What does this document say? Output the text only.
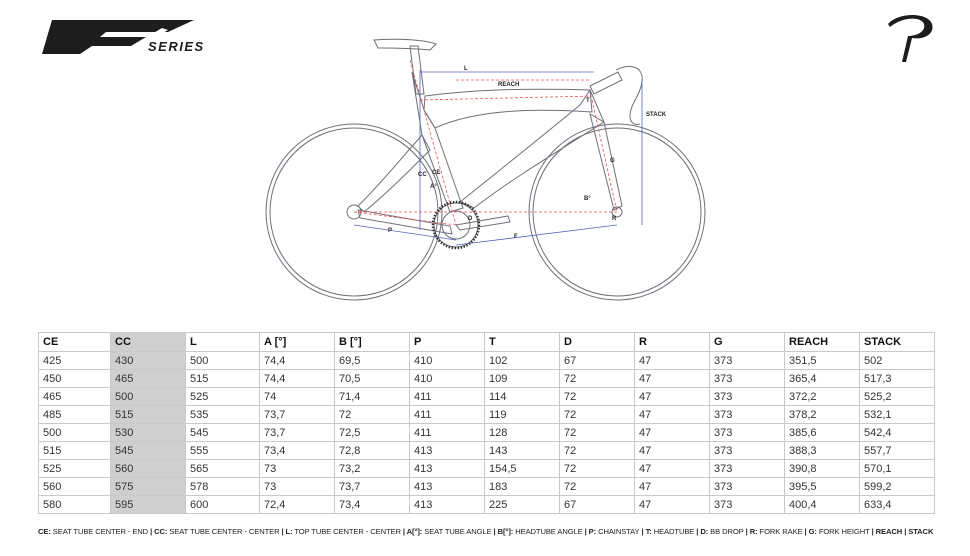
SERIES
L
REACH
STACK
T
G
CC CE
A°
B°
P
F
D	R
CE	CC	L	A [°]	B [°]	P	T	D	R	G	REACH	STACK
425	430	500	74,4	69,5	410	102	67	47	373	351,5	502
450	465	515	74,4	70,5	410	109	72	47	373	365,4	517,3
465	500	525	74	71,4	411	114	72	47	373	372,2	525,2
485	515	535	73,7	72	411	119	72	47	373	378,2	532,1
500	530	545	73,7	72,5	411	128	72	47	373	385,6	542,4
515	545	555	73,4	72,8	413	143	72	47	373	388,3	557,7
525	560	565	73	73,2	413	154,5	72	47	373	390,8	570,1
560	575	578	73	73,7	413	183	72	47	373	395,5	599,2
580	595	600	72,4	73,4	413	225	67	47	373	400,4	633,4
CE: SEAT TUBE CENTER - END | CC: SEAT TUBE CENTER - CENTER | L: TOP TUBE CENTER - CENTER | A[°]: SEAT TUBE ANGLE | B[°]: HEADTUBE ANGLE | P: CHAINSTAY | T: HEADTUBE | D: BB DROP | R: FORK RAKE | G: FORK HEIGHT | REACH | STACK
